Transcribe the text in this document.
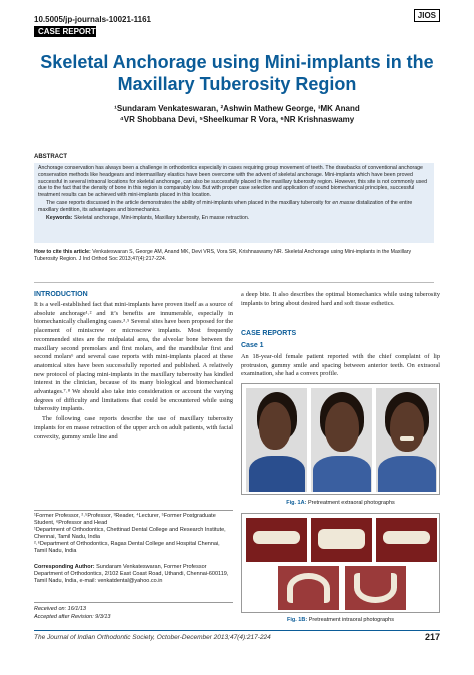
10.5005/jp-journals-10021-1161	JIOS
CASE REPORT
Skeletal Anchorage using Mini-implants in the Maxillary Tuberosity Region
¹Sundaram Venkateswaran, ²Ashwin Mathew George, ³MK Anand
⁴VR Shobbana Devi, ⁵Sheelkumar R Vora, ⁶NR Krishnaswamy
ABSTRACT

Anchorage conservation has always been a challenge in orthodontics especially in cases requiring group movement of teeth. The drawbacks of conventional anchorage conservation methods like headgears and intermaxillary elastics have been overcome with the advent of skeletal anchorage. Mini-implants which have been proved successful in several intraoral locations for skeletal anchorage, can also be successfully placed in the maxillary tuberosity region. However, this site is not commonly used due to the fact that the density of bone in this region is comparably low. But with proper case selection and application of sound biomechanical principles, successful treatment results can be achieved with mini-implants placed in this location.

The case reports discussed in the article demonstrates the ability of mini-implants when placed in the maxillary tuberosity for en masse distalization of the entire maxillary dentition, its advantages and biomechanics.

Keywords: Skeletal anchorage, Mini-implants, Maxillary tuberosity, En masse retraction.

How to cite this article: Venkateswaran S, George AM, Anand MK, Devi VRS, Vora SR, Krishnaswamy NR. Skeletal Anchorage using Mini-implants in the Maxillary Tuberosity Region. J Ind Orthod Soc 2013;47(4):217-224.
INTRODUCTION

It is a well-established fact that mini-implants have proven itself as a source of absolute anchorage¹˒² and it’s benefits are innumerable, especially in biomechanically challenging cases.³˒⁵ Several sites have been proposed for the placement of miniscrew or microscrew implants. Most frequently recommended sites are the midpalatal area, the alveolar bone between the maxillary second premolars and first molars, and the mandibular first and second molars⁶ and several case reports with mini-implants placed at these anatomical sites have been successfully reported and published. A relatively new protocol of placing mini-implants in the maxillary tuberosity has kindled interest in the clinician, because of its many biological and biomechanical advantages.⁷˒⁸ We should also take into consideration or account the varying degrees of difficulty and limitations that could be encountered while using tuberosity implants.

The following case reports describe the use of maxillary tuberosity implants for en masse retraction of the upper arch on adult patients, with facial convexity, gummy smile line and

a deep bite. It also describes the optimal biomechanics while using tuberosity implants to bring about desired hard and soft tissue esthetics.

CASE REPORTS
Case 1

An 18-year-old female patient reported with the chief complaint of lip protrusion, gummy smile and spacing between anterior teeth. On extraoral examination, she had a convex profile.

Fig. 1A: Pretreatment extraoral photographs
Fig. 1B: Pretreatment intraoral photographs
¹Former Professor, ²˒⁵Professor, ³Reader, ⁴Lecturer, ⁵Former Postgraduate Student, ⁶Professor and Head
¹Department of Orthodontics, Chettinad Dental College and Research Institute, Chennai, Tamil Nadu, India
²˒⁶Department of Orthodontics, Ragas Dental College and Hospital Chennai, Tamil Nadu, India
Corresponding Author: Sundaram Venkateswaran, Former Professor Department of Orthodontics, 2/102 East Coast Road, Uthandi, Chennai-600119, Tamil Nadu, India, e-mail: venkatdental@yahoo.co.in
Received on: 16/1/13
Accepted after Revision: 9/3/13
The Journal of Indian Orthodontic Society, October-December 2013;47(4):217-224	217
